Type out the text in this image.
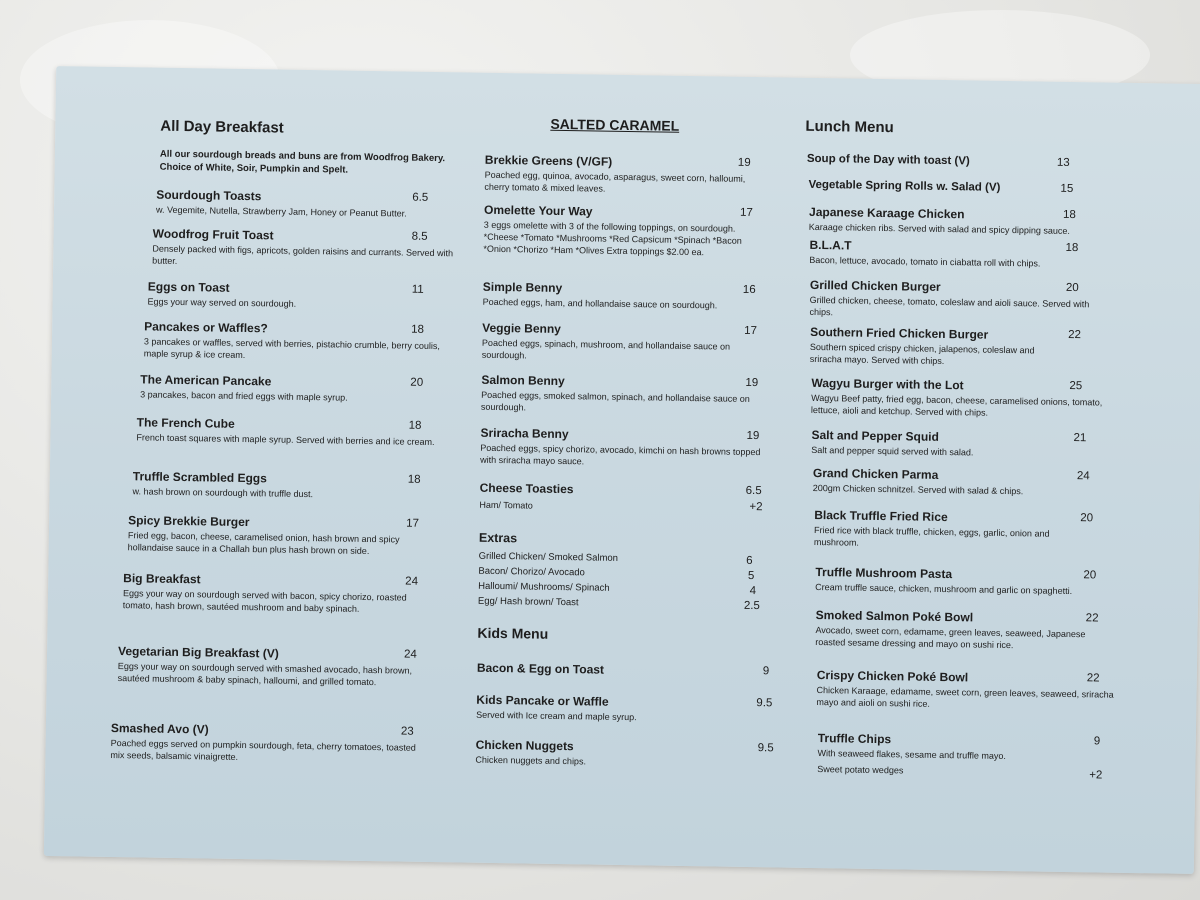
All Day Breakfast
All our sourdough breads and buns are from Woodfrog Bakery. Choice of White, Soir, Pumpkin and Spelt.
Sourdough Toasts	6.5
w. Vegemite, Nutella, Strawberry Jam, Honey or Peanut Butter.
Woodfrog Fruit Toast	8.5
Densely packed with figs, apricots, golden raisins and currants. Served with butter.
Eggs on Toast	11
Eggs your way served on sourdough.
Pancakes or Waffles?	18
3 pancakes or waffles, served with berries, pistachio crumble, berry coulis, maple syrup & ice cream.
The American Pancake	20
3 pancakes, bacon and fried eggs with maple syrup.
The French Cube	18
French toast squares with maple syrup. Served with berries and ice cream.
Truffle Scrambled Eggs	18
w. hash brown on sourdough with truffle dust.
Spicy Brekkie Burger	17
Fried egg, bacon, cheese, caramelised onion, hash brown and spicy hollandaise sauce in a Challah bun plus hash brown on side.
Big Breakfast	24
Eggs your way on sourdough served with bacon, spicy chorizo, roasted tomato, hash brown, sautéed mushroom and baby spinach.
Vegetarian Big Breakfast (V)	24
Eggs your way on sourdough served with smashed avocado, hash brown, sautéed mushroom & baby spinach, halloumi, and grilled tomato.
Smashed Avo (V)	23
Poached eggs served on pumpkin sourdough, feta, cherry tomatoes, toasted mix seeds, balsamic vinaigrette.
SALTED CARAMEL
Brekkie Greens (V/GF)	19
Poached egg, quinoa, avocado, asparagus, sweet corn, halloumi, cherry tomato & mixed leaves.
Omelette Your Way	17
3 eggs omelette with 3 of the following toppings, on sourdough. *Cheese *Tomato *Mushrooms *Red Capsicum *Spinach *Bacon *Onion *Chorizo *Ham *Olives Extra toppings $2.00 ea.
Simple Benny	16
Poached eggs, ham, and hollandaise sauce on sourdough.
Veggie Benny	17
Poached eggs, spinach, mushroom, and hollandaise sauce on sourdough.
Salmon Benny	19
Poached eggs, smoked salmon, spinach, and hollandaise sauce on sourdough.
Sriracha Benny	19
Poached eggs, spicy chorizo, avocado, kimchi on hash browns topped with sriracha mayo sauce.
Cheese Toasties	6.5
Ham/ Tomato	+2
Extras
Grilled Chicken/ Smoked Salmon	6
Bacon/ Chorizo/ Avocado	5
Halloumi/ Mushrooms/ Spinach	4
Egg/ Hash brown/ Toast	2.5
Kids Menu
Bacon & Egg on Toast	9
Kids Pancake or Waffle	9.5
Served with Ice cream and maple syrup.
Chicken Nuggets	9.5
Chicken nuggets and chips.
Lunch Menu
Soup of the Day with toast (V)	13
Vegetable Spring Rolls w. Salad (V)	15
Japanese Karaage Chicken	18
Karaage chicken ribs. Served with salad and spicy dipping sauce.
B.L.A.T	18
Bacon, lettuce, avocado, tomato in ciabatta roll with chips.
Grilled Chicken Burger	20
Grilled chicken, cheese, tomato, coleslaw and aioli sauce. Served with chips.
Southern Fried Chicken Burger	22
Southern spiced crispy chicken, jalapenos, coleslaw and sriracha mayo. Served with chips.
Wagyu Burger with the Lot	25
Wagyu Beef patty, fried egg, bacon, cheese, caramelised onions, tomato, lettuce, aioli and ketchup. Served with chips.
Salt and Pepper Squid	21
Salt and pepper squid served with salad.
Grand Chicken Parma	24
200gm Chicken schnitzel. Served with salad & chips.
Black Truffle Fried Rice	20
Fried rice with black truffle, chicken, eggs, garlic, onion and mushroom.
Truffle Mushroom Pasta	20
Cream truffle sauce, chicken, mushroom and garlic on spaghetti.
Smoked Salmon Poké Bowl	22
Avocado, sweet corn, edamame, green leaves, seaweed, Japanese roasted sesame dressing and mayo on sushi rice.
Crispy Chicken Poké Bowl	22
Chicken Karaage, edamame, sweet corn, green leaves, seaweed, sriracha mayo and aioli on sushi rice.
Truffle Chips	9
With seaweed flakes, sesame and truffle mayo.
Sweet potato wedges	+2
